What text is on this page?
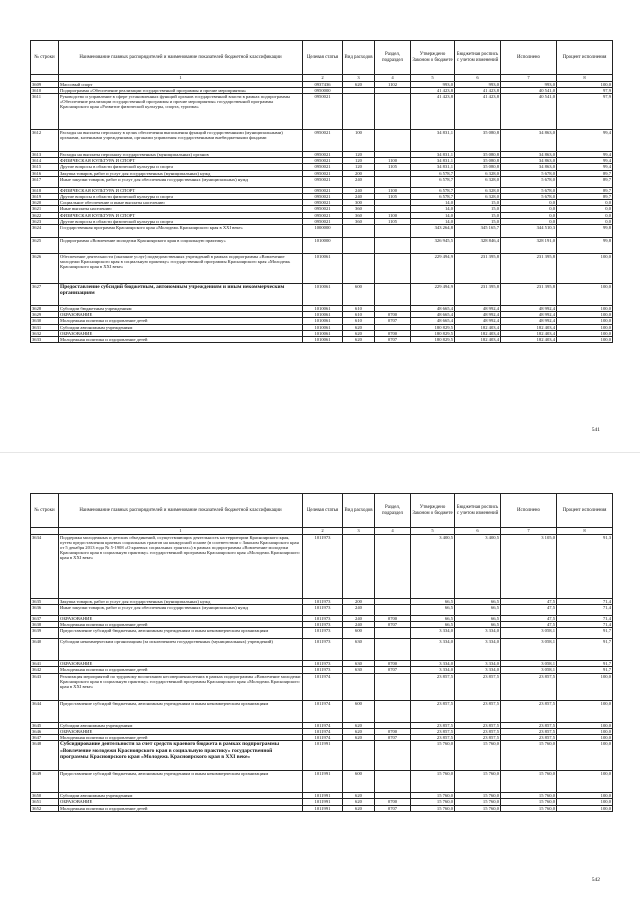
№ строки	Наименование главных распорядителей и наименование показателей бюджетной классификации	Целевая статья	Вид расходов	Раздел, подраздел	Утверждено Законом о бюджете	Бюджетная роспись с учетом изменений	Исполнено	Процент исполнения
	1	2	3	4	5	6	7	8
3609	Массовый спорт	0937436	620	1102	993,0	993,0	993,0	100,0
3610	Подпрограмма «Обеспечение реализации государственной программы и прочие мероприятия»	0950000			41 423,8	41 423,8	40 541,0	97,9
3611	Руководство и управление в сфере установленных функций органов государственной власти в рамках подпрограммы «Обеспечение реализации государственной программы и прочие мероприятия» государственной программы Красноярского края «Развитие физической культуры, спорта, туризма»	0950021			41 423,8	41 423,8	40 541,0	97,9
3612	Расходы на выплаты персоналу в целях обеспечения выполнения функций государственными (муниципальными) органами, казенными учреждениями, органами управления государственными внебюджетными фондами	0950021	100		34 831,1	35 080,8	34 863,0	99,4
3613	Расходы на выплаты персоналу государственных (муниципальных) органов	0950021	120		34 831,1	35 080,8	34 863,0	99,4
3614	ФИЗИЧЕСКАЯ КУЛЬТУРА И СПОРТ	0950021	120	1100	34 831,1	35 080,8	34 863,0	99,4
3615	Другие вопросы в области физической культуры и спорта	0950021	120	1105	34 831,1	35 080,8	34 863,0	99,4
3616	Закупка товаров, работ и услуг для государственных (муниципальных) нужд	0950021	200		6 578,7	6 328,0	5 678,0	89,7
3617	Иные закупки товаров, работ и услуг для обеспечения государственных (муниципальных) нужд	0950021	240		6 578,7	6 328,0	5 678,0	89,7
3618	ФИЗИЧЕСКАЯ КУЛЬТУРА И СПОРТ	0950021	240	1100	6 578,7	6 328,0	5 678,0	89,7
3619	Другие вопросы в области физической культуры и спорта	0950021	240	1105	6 578,7	6 328,0	5 678,0	89,7
3620	Социальное обеспечение и иные выплаты населению	0950021	300		14,0	15,0	0,0	0,0
3621	Иные выплаты населению	0950021	360		14,0	15,0	0,0	0,0
3622	ФИЗИЧЕСКАЯ КУЛЬТУРА И СПОРТ	0950021	360	1100	14,0	15,0	0,0	0,0
3623	Другие вопросы в области физической культуры и спорта	0950021	360	1105	14,0	15,0	0,0	0,0
3624	Государственная программа Красноярского края «Молодежь Красноярского края в XXI веке»	1000000			343 264,8	345 165,7	344 510,3	99,8
3625	Подпрограмма «Вовлечение молодежи Красноярского края в социальную практику»	1010000			326 945,5	328 846,4	328 191,0	99,8
3626	Обеспечение деятельности (оказание услуг) подведомственных учреждений в рамках подпрограммы «Вовлечение молодежи Красноярского края в социальную практику» государственной программы Красноярского края «Молодежь Красноярского края в XXI веке»	1010061			229 494,9	231 395,8	231 395,8	100,0
3627	Предоставление субсидий бюджетным, автономным учреждениям и иным некоммерческим организациям	1010061	600		229 494,9	231 395,8	231 395,8	100,0
3628	Субсидии бюджетным учреждениям	1010061	610		48 665,4	48 992,4	48 992,4	100,0
3629	ОБРАЗОВАНИЕ	1010061	610	0700	48 665,4	48 992,4	48 992,4	100,0
3630	Молодежная политика и оздоровление детей	1010061	610	0707	48 665,4	48 992,4	48 992,4	100,0
3631	Субсидии автономным учреждениям	1010061	620		180 829,5	182 403,4	182 403,4	100,0
3632	ОБРАЗОВАНИЕ	1010061	620	0700	180 829,5	182 403,4	182 403,4	100,0
3633	Молодежная политика и оздоровление детей	1010061	620	0707	180 829,5	182 403,4	182 403,4	100,0
541
№ строки	Наименование главных распорядителей и наименование показателей бюджетной классификации	Целевая статья	Вид расходов	Раздел, подраздел	Утверждено Законом о бюджете	Бюджетная роспись с учетом изменений	Исполнено	Процент исполнения
	1	2	3	4	5	6	7	8
3634	Поддержка молодежных и детских объединений, осуществляющих деятельность на территории Красноярского края, путем предоставления краевых социальных грантов на конкурсной основе (в соответствии с Законом Красноярского края от 5 декабря 2013 года № 5-1908 «О краевых социальных грантах») в рамках подпрограммы «Вовлечение молодежи Красноярского края в социальную практику» государственной программы Красноярского края «Молодежь Красноярского края в XXI веке»	1011973			3 400,5	3 400,5	3 105,0	91,3
3635	Закупка товаров, работ и услуг для государственных (муниципальных) нужд	1011973	200		66,5	66,5	47,5	71,4
3636	Иные закупки товаров, работ и услуг для обеспечения государственных (муниципальных) нужд	1011973	240		66,5	66,5	47,5	71,4
3637	ОБРАЗОВАНИЕ	1011973	240	0700	66,5	66,5	47,5	71,4
3638	Молодежная политика и оздоровление детей	1011973	240	0707	66,5	66,5	47,5	71,4
3639	Предоставление субсидий бюджетным, автономным учреждениям и иным некоммерческим организациям	1011973	600		3 334,0	3 334,0	3 058,1	91,7
3640	Субсидии некоммерческим организациям (за исключением государственных (муниципальных) учреждений)	1011973	630		3 334,0	3 334,0	3 058,1	91,7
3641	ОБРАЗОВАНИЕ	1011973	630	0700	3 334,0	3 334,0	3 058,1	91,7
3642	Молодежная политика и оздоровление детей	1011973	630	0707	3 334,0	3 334,0	3 058,1	91,7
3643	Реализация мероприятий по трудовому воспитанию несовершеннолетних в рамках подпрограммы «Вовлечение молодежи Красноярского края в социальную практику» государственной программы Красноярского края «Молодежь Красноярского края в XXI веке»	1011974			23 857,5	23 857,5	23 857,5	100,0
3644	Предоставление субсидий бюджетным, автономным учреждениям и иным некоммерческим организациям	1011974	600		23 857,5	23 857,5	23 857,5	100,0
3645	Субсидии автономным учреждениям	1011974	620		23 857,5	23 857,5	23 857,5	100,0
3646	ОБРАЗОВАНИЕ	1011974	620	0700	23 857,5	23 857,5	23 857,5	100,0
3647	Молодежная политика и оздоровление детей	1011974	620	0707	23 857,5	23 857,5	23 857,5	100,0
3648	Субсидирование деятельности за счет средств краевого бюджета в рамках подпрограммы «Вовлечение молодежи Красноярского края в социальную практику» государственной программы Красноярского края «Молодежь Красноярского края в XXI веке»	1011991			15 760,0	15 760,0	15 760,0	100,0
3649	Предоставление субсидий бюджетным, автономным учреждениям и иным некоммерческим организациям	1011991	600		15 760,0	15 760,0	15 760,0	100,0
3650	Субсидии автономным учреждениям	1011991	620		15 760,0	15 760,0	15 760,0	100,0
3651	ОБРАЗОВАНИЕ	1011991	620	0700	15 760,0	15 760,0	15 760,0	100,0
3652	Молодежная политика и оздоровление детей	1011991	620	0707	15 760,0	15 760,0	15 760,0	100,0
542
